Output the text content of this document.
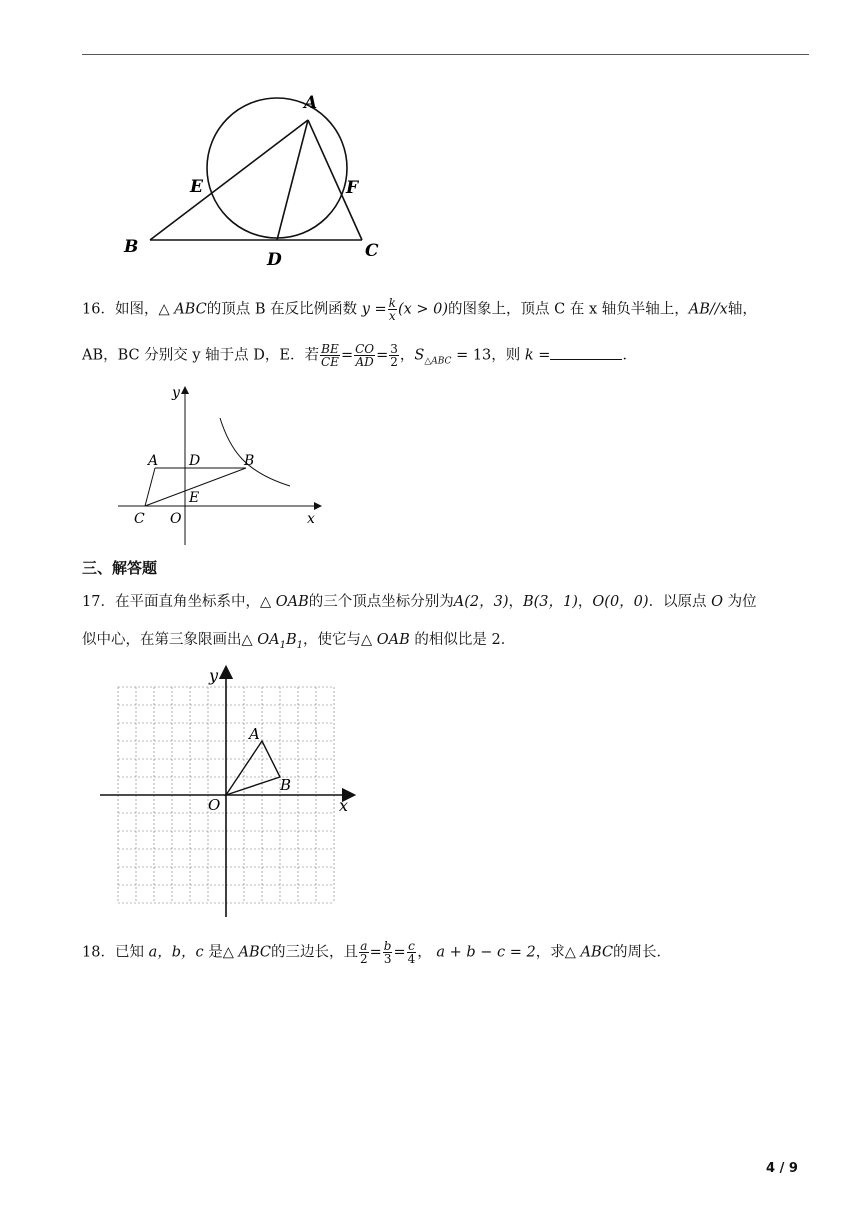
A
E	F
B
D	C
16．如图，△ ABC的顶点 B 在反比例函数 $y = \frac{k}{x} (x > 0)$的图象上，顶点 C 在 x 轴负半轴上，AB//x轴，
AB，BC 分别交 y 轴于点 D，E．若 $\frac{BE}{CE} = \frac{CO}{AD} = \frac{3}{2}$ ，$S_{\triangle ABC} = 13$，则 k =	．
y
A D	B
E
C O	x
三、解答题
17．在平面直角坐标系中，△ OAB的三个顶点坐标分别为A(2，3)，B(3，1)，O(0，0)．以原点 O 为位
似中心，在第三象限画出△ $OA_1B_1$，使它与△ OAB 的相似比是 2．
y
A
B
O	x
18．已知 a，b，c 是△ ABC的三边长，且 $\frac{a}{2} = \frac{b}{3} = \frac{c}{4}$ ， a + b − c = 2，求△ ABC的周长．
4 / 9
